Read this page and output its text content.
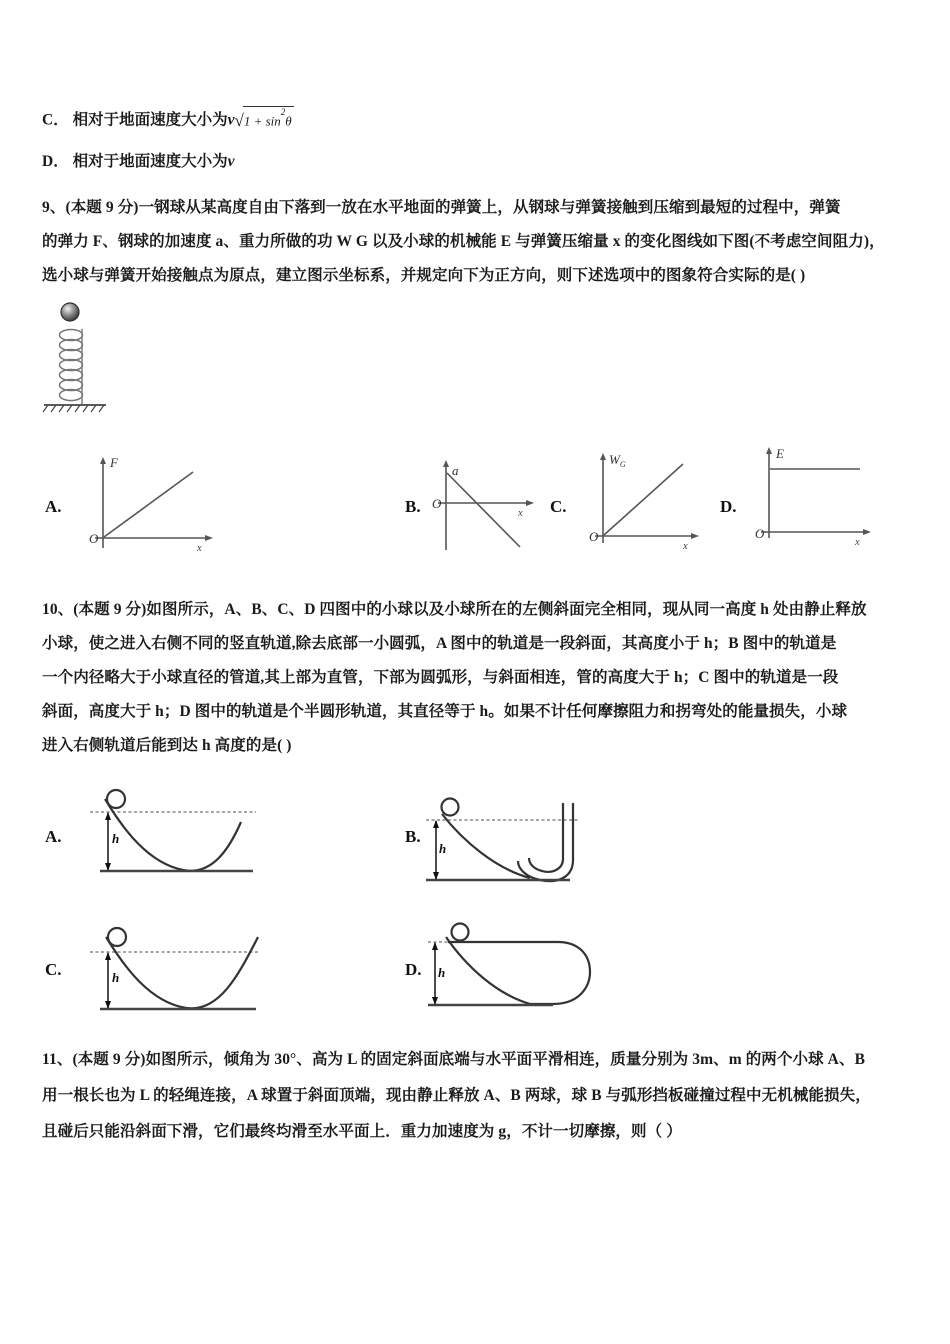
C． 相对于地面速度大小为$v√1 + \sin^2\theta$
D． 相对于地面速度大小为v
9、(本题 9 分)一钢球从某高度自由下落到一放在水平地面的弹簧上，从钢球与弹簧接触到压缩到最短的过程中，弹簧
的弹力 F、钢球的加速度 a、重力所做的功 W G 以及小球的机械能 E 与弹簧压缩量 x 的变化图线如下图(不考虑空间阻力)，
选小球与弹簧开始接触点为原点，建立图示坐标系，并规定向下为正方向，则下述选项中的图象符合实际的是( )
A.
F
x
O
B.
a
x
O	C.
$W_G$
x
O
D.
E
x
O
10、(本题 9 分)如图所示，A、B、C、D 四图中的小球以及小球所在的左侧斜面完全相同，现从同一高度 h 处由静止释放
小球，使之进入右侧不同的竖直轨道,除去底部一小圆弧，A 图中的轨道是一段斜面，其高度小于 h；B 图中的轨道是
一个内径略大于小球直径的管道,其上部为直管，下部为圆弧形，与斜面相连，管的高度大于 h；C 图中的轨道是一段
斜面，高度大于 h；D 图中的轨道是个半圆形轨道，其直径等于 h。如果不计任何摩擦阻力和拐弯处的能量损失，小球
进入右侧轨道后能到达 h 高度的是( )
A.	h	B.
h
C.	h	D. h
11、(本题 9 分)如图所示，倾角为 30°、高为 L 的固定斜面底端与水平面平滑相连，质量分别为 3m、m 的两个小球 A、B
用一根长也为 L 的轻绳连接，A 球置于斜面顶端，现由静止释放 A、B 两球，球 B 与弧形挡板碰撞过程中无机械能损失，
且碰后只能沿斜面下滑，它们最终均滑至水平面上．重力加速度为 g，不计一切摩擦，则（ ）
